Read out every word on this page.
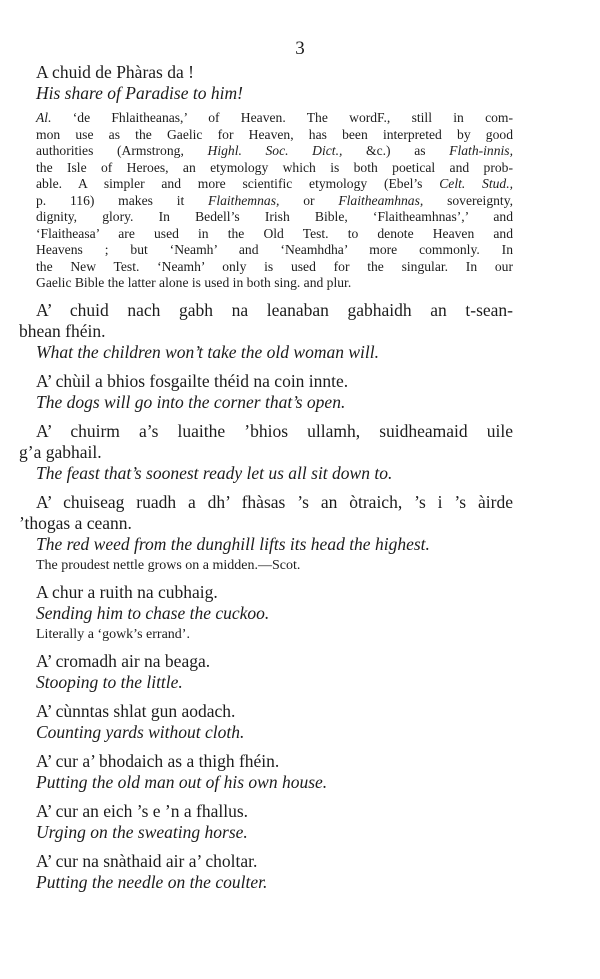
3

A chuid de Phàras da !

His share of Paradise to him!

Al. ‘de Fhlaitheanas,’ of Heaven. The wordF., still in com-

mon use as the Gaelic for Heaven, has been interpreted by good

authorities (Armstrong, Highl. Soc. Dict., &c.) as Flath-innis,

the Isle of Heroes, an etymology which is both poetical and prob-

able. A simpler and more scientific etymology (Ebel’s Celt. Stud.,

p. 116) makes it Flaithemnas, or Flaitheamhnas, sovereignty,

dignity, glory. In Bedell’s Irish Bible, ‘Flaitheamhnas’,’ and

‘Flaitheasa’ are used in the Old Test. to denote Heaven and

Heavens ; but ‘Neamh’ and ‘Neamhdha’ more commonly. In

the New Test. ‘Neamh’ only is used for the singular. In our

Gaelic Bible the latter alone is used in both sing. and plur.

A’ chuid nach gabh na leanaban gabhaidh an t-sean-

bhean fhéin.

What the children won’t take the old woman will.

A’ chùil a bhios fosgailte théid na coin innte.

The dogs will go into the corner that’s open.

A’ chuirm a’s luaithe ’bhios ullamh, suidheamaid uile

g’a gabhail.

The feast that’s soonest ready let us all sit down to.

A’ chuiseag ruadh a dh’ fhàsas ’s an òtraich, ’s i ’s àirde

’thogas a ceann.

The red weed from the dunghill lifts its head the highest.

The proudest nettle grows on a midden.—Scot.

A chur a ruith na cubhaig.

Sending him to chase the cuckoo.

Literally a ‘gowk’s errand’.

A’ cromadh air na beaga.

Stooping to the little.

A’ cùnntas shlat gun aodach.

Counting yards without cloth.

A’ cur a’ bhodaich as a thigh fhéin.

Putting the old man out of his own house.

A’ cur an eich ’s e ’n a fhallus.

Urging on the sweating horse.

A’ cur na snàthaid air a’ choltar.

Putting the needle on the coulter.
